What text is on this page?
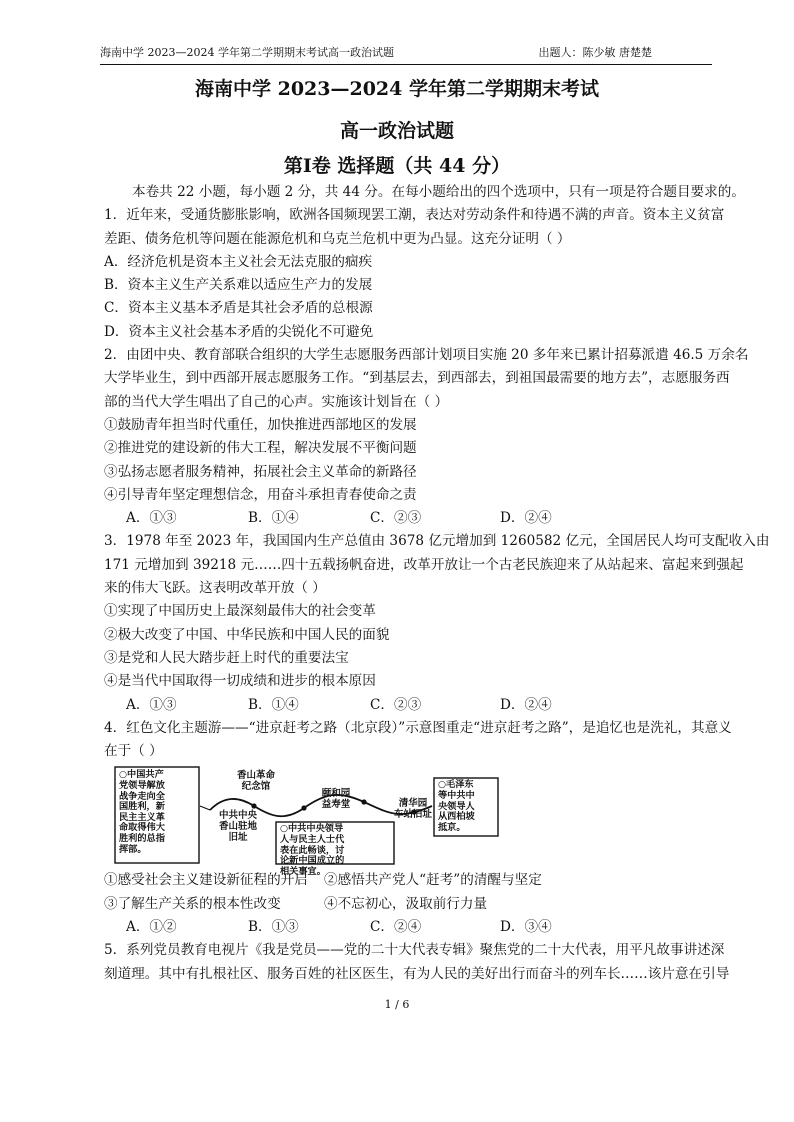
海南中学 2023—2024 学年第二学期期末考试高一政治试题	出题人：陈少敏 唐楚楚
海南中学 2023—2024 学年第二学期期末考试
高一政治试题
第Ⅰ卷 选择题（共 44 分）
本卷共 22 小题，每小题 2 分，共 44 分。在每小题给出的四个选项中，只有一项是符合题目要求的。
1．近年来，受通货膨胀影响，欧洲各国频现罢工潮，表达对劳动条件和待遇不满的声音。资本主义贫富
差距、债务危机等问题在能源危机和乌克兰危机中更为凸显。这充分证明（ ）
A．经济危机是资本主义社会无法克服的痼疾
B．资本主义生产关系难以适应生产力的发展
C．资本主义基本矛盾是其社会矛盾的总根源
D．资本主义社会基本矛盾的尖锐化不可避免
2．由团中央、教育部联合组织的大学生志愿服务西部计划项目实施 20 多年来已累计招募派遣 46.5 万余名
大学毕业生，到中西部开展志愿服务工作。“到基层去，到西部去，到祖国最需要的地方去”，志愿服务西
部的当代大学生唱出了自己的心声。实施该计划旨在（ ）
①鼓励青年担当时代重任，加快推进西部地区的发展
②推进党的建设新的伟大工程，解决发展不平衡问题
③弘扬志愿者服务精神，拓展社会主义革命的新路径
④引导青年坚定理想信念，用奋斗承担青春使命之责
A．①③	B．①④	C．②③	D．②④
3．1978 年至 2023 年，我国国内生产总值由 3678 亿元增加到 1260582 亿元，全国居民人均可支配收入由
171 元增加到 39218 元……四十五载扬帆奋进，改革开放让一个古老民族迎来了从站起来、富起来到强起
来的伟大飞跃。这表明改革开放（ ）
①实现了中国历史上最深刻最伟大的社会变革
②极大改变了中国、中华民族和中国人民的面貌
③是党和人民大踏步赶上时代的重要法宝
④是当代中国取得一切成绩和进步的根本原因
A．①③	B．①④	C．②③	D．②④
4．红色文化主题游——“进京赶考之路（北京段）”示意图重走“进京赶考之路”，是追忆也是洗礼，其意义
在于（ ）
○中国共产
党领导解放
战争走向全
国胜利，新
民主主义革
命取得伟大
胜利的总指
挥部。
香山革命
纪念馆
中共中央
香山驻地
旧址
颐和园
益寿堂	清华园
车站旧址
○中共中央领导
人与民主人士代
表在此畅谈，讨
论新中国成立的
相关事宜。
○毛泽东
等中共中
央领导人
从西柏坡
抵京。
①感受社会主义建设新征程的开启	②感悟共产党人“赶考”的清醒与坚定
③了解生产关系的根本性改变	④不忘初心，汲取前行力量
A．①②	B．①③	C．②④	D．③④
5．系列党员教育电视片《我是党员——党的二十大代表专辑》聚焦党的二十大代表，用平凡故事讲述深
刻道理。其中有扎根社区、服务百姓的社区医生，有为人民的美好出行而奋斗的列车长……该片意在引导
1 / 6
